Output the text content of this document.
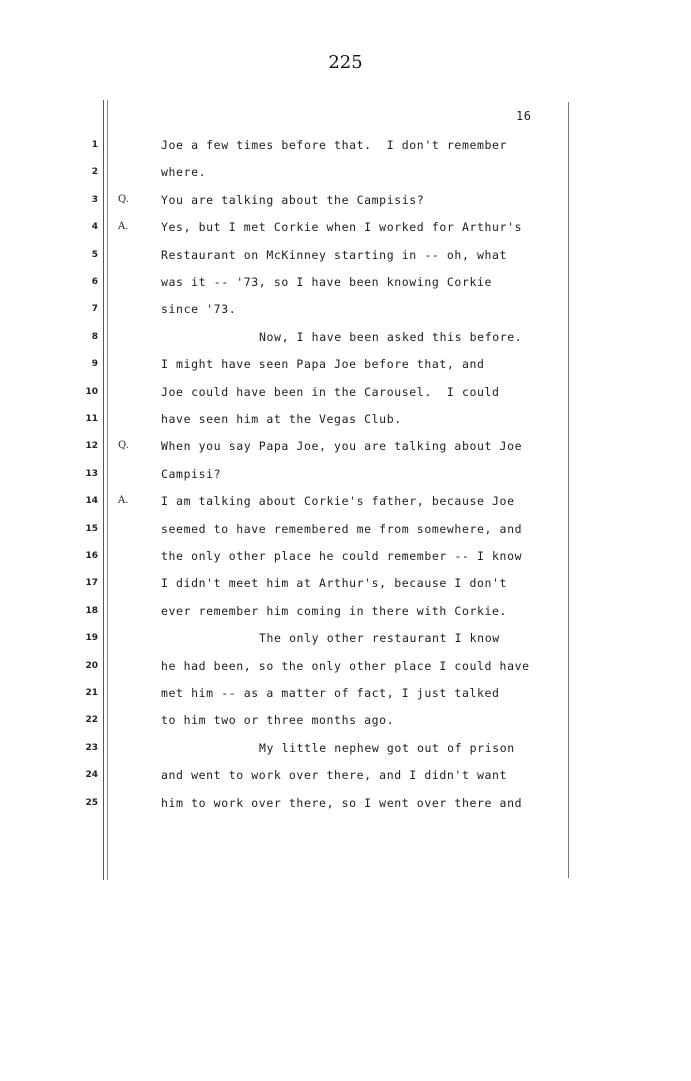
225
16
1	Joe a few times before that.  I don't remember
2	where.
3 Q.	You are talking about the Campisis?
4 A.	Yes, but I met Corkie when I worked for Arthur's
5	Restaurant on McKinney starting in -- oh, what
6	was it -- '73, so I have been knowing Corkie
7	since '73.
8	Now, I have been asked this before.
9	I might have seen Papa Joe before that, and
10	Joe could have been in the Carousel.  I could
11	have seen him at the Vegas Club.
12 Q.	When you say Papa Joe, you are talking about Joe
13	Campisi?
14 A.	I am talking about Corkie's father, because Joe
15	seemed to have remembered me from somewhere, and
16	the only other place he could remember -- I know
17	I didn't meet him at Arthur's, because I don't
18	ever remember him coming in there with Corkie.
19	The only other restaurant I know
20	he had been, so the only other place I could have
21	met him -- as a matter of fact, I just talked
22	to him two or three months ago.
23	My little nephew got out of prison
24	and went to work over there, and I didn't want
25	him to work over there, so I went over there and
